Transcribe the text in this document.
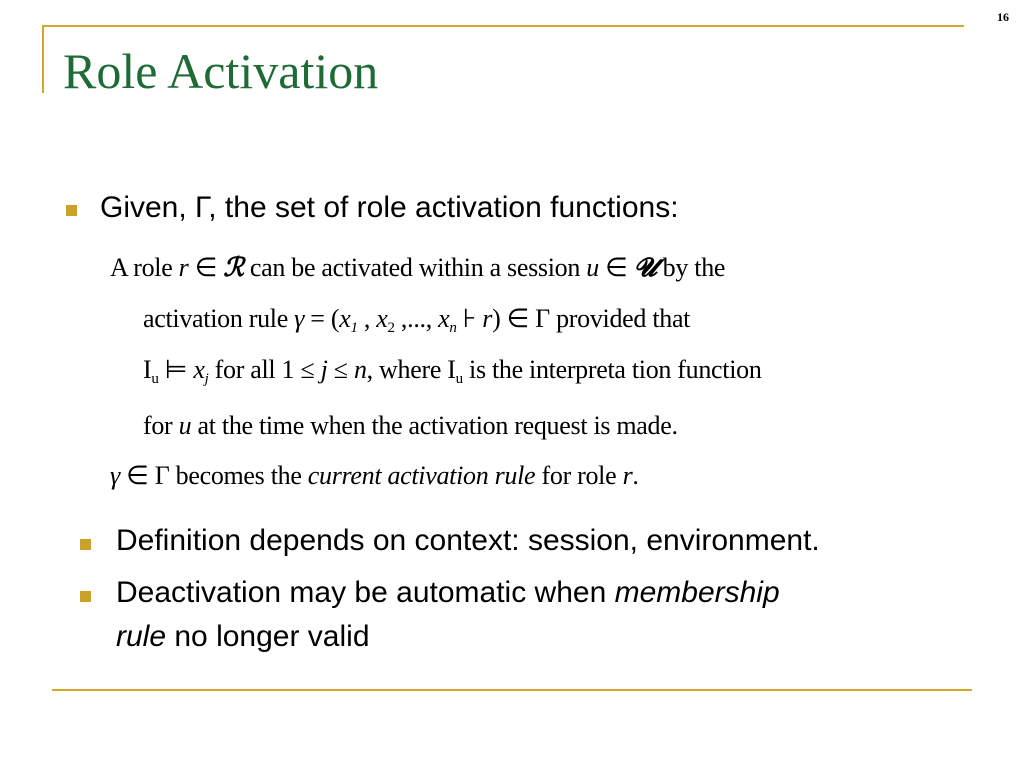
16
Role Activation
Given, Γ, the set of role activation functions:
A role r ∈ ℛ can be activated within a session u ∈ 𝓤 by the
activation rule $\gamma = (x_1$ , $x_2$ ,..., $x_n$ ⊦ r) ∈ Γ provided that
$I_u$ ⊨ $x_j$ for all 1 ≤ j ≤ n, where $I_u$ is the interpreta tion function
for u at the time when the activation request is made.
γ ∈ Γ becomes the current activation rule for role r.
Definition depends on context: session, environment.
Deactivation may be automatic when membership
rule no longer valid
